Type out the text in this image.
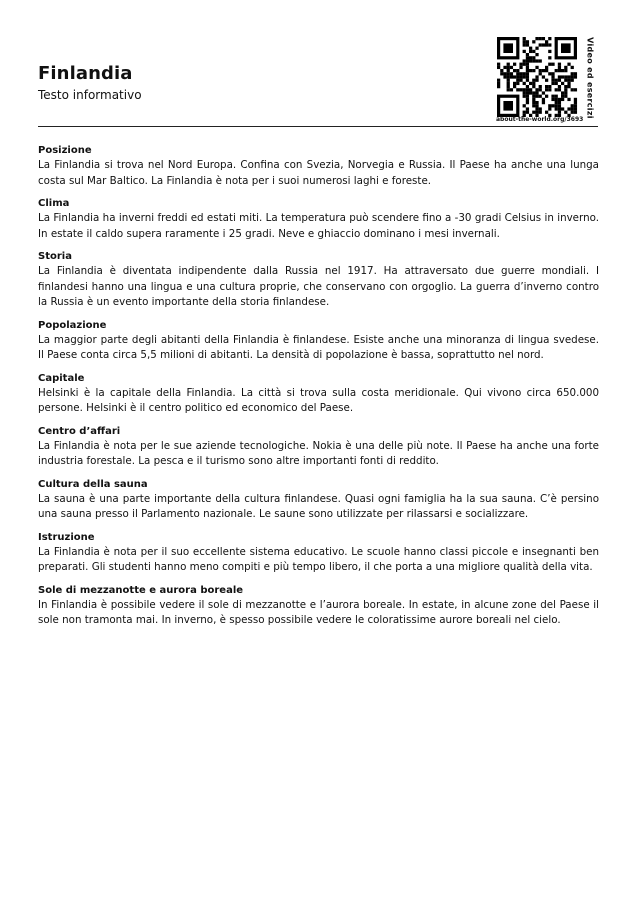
Finlandia
Testo informativo
about-the-world.org/3693
Video ed esercizi
Posizione

La Finlandia si trova nel Nord Europa. Confina con Svezia, Norvegia e Russia. Il Paese ha anche una lunga costa sul Mar Baltico. La Finlandia è nota per i suoi numerosi laghi e foreste.

Clima

La Finlandia ha inverni freddi ed estati miti. La temperatura può scendere fino a -30 gradi Celsius in inverno. In estate il caldo supera raramente i 25 gradi. Neve e ghiaccio dominano i mesi invernali.

Storia

La Finlandia è diventata indipendente dalla Russia nel 1917. Ha attraversato due guerre mondiali. I finlandesi hanno una lingua e una cultura proprie, che conservano con orgoglio. La guerra d’inverno contro la Russia è un evento importante della storia finlandese.

Popolazione

La maggior parte degli abitanti della Finlandia è finlandese. Esiste anche una minoranza di lingua svedese. Il Paese conta circa 5,5 milioni di abitanti. La densità di popolazione è bassa, soprattutto nel nord.

Capitale

Helsinki è la capitale della Finlandia. La città si trova sulla costa meridionale. Qui vivono circa 650.000 persone. Helsinki è il centro politico ed economico del Paese.

Centro d’affari

La Finlandia è nota per le sue aziende tecnologiche. Nokia è una delle più note. Il Paese ha anche una forte industria forestale. La pesca e il turismo sono altre importanti fonti di reddito.

Cultura della sauna

La sauna è una parte importante della cultura finlandese. Quasi ogni famiglia ha la sua sauna. C’è persino una sauna presso il Parlamento nazionale. Le saune sono utilizzate per rilassarsi e socializzare.

Istruzione

La Finlandia è nota per il suo eccellente sistema educativo. Le scuole hanno classi piccole e insegnanti ben preparati. Gli studenti hanno meno compiti e più tempo libero, il che porta a una migliore qualità della vita.

Sole di mezzanotte e aurora boreale

In Finlandia è possibile vedere il sole di mezzanotte e l’aurora boreale. In estate, in alcune zone del Paese il sole non tramonta mai. In inverno, è spesso possibile vedere le coloratissime aurore boreali nel cielo.
